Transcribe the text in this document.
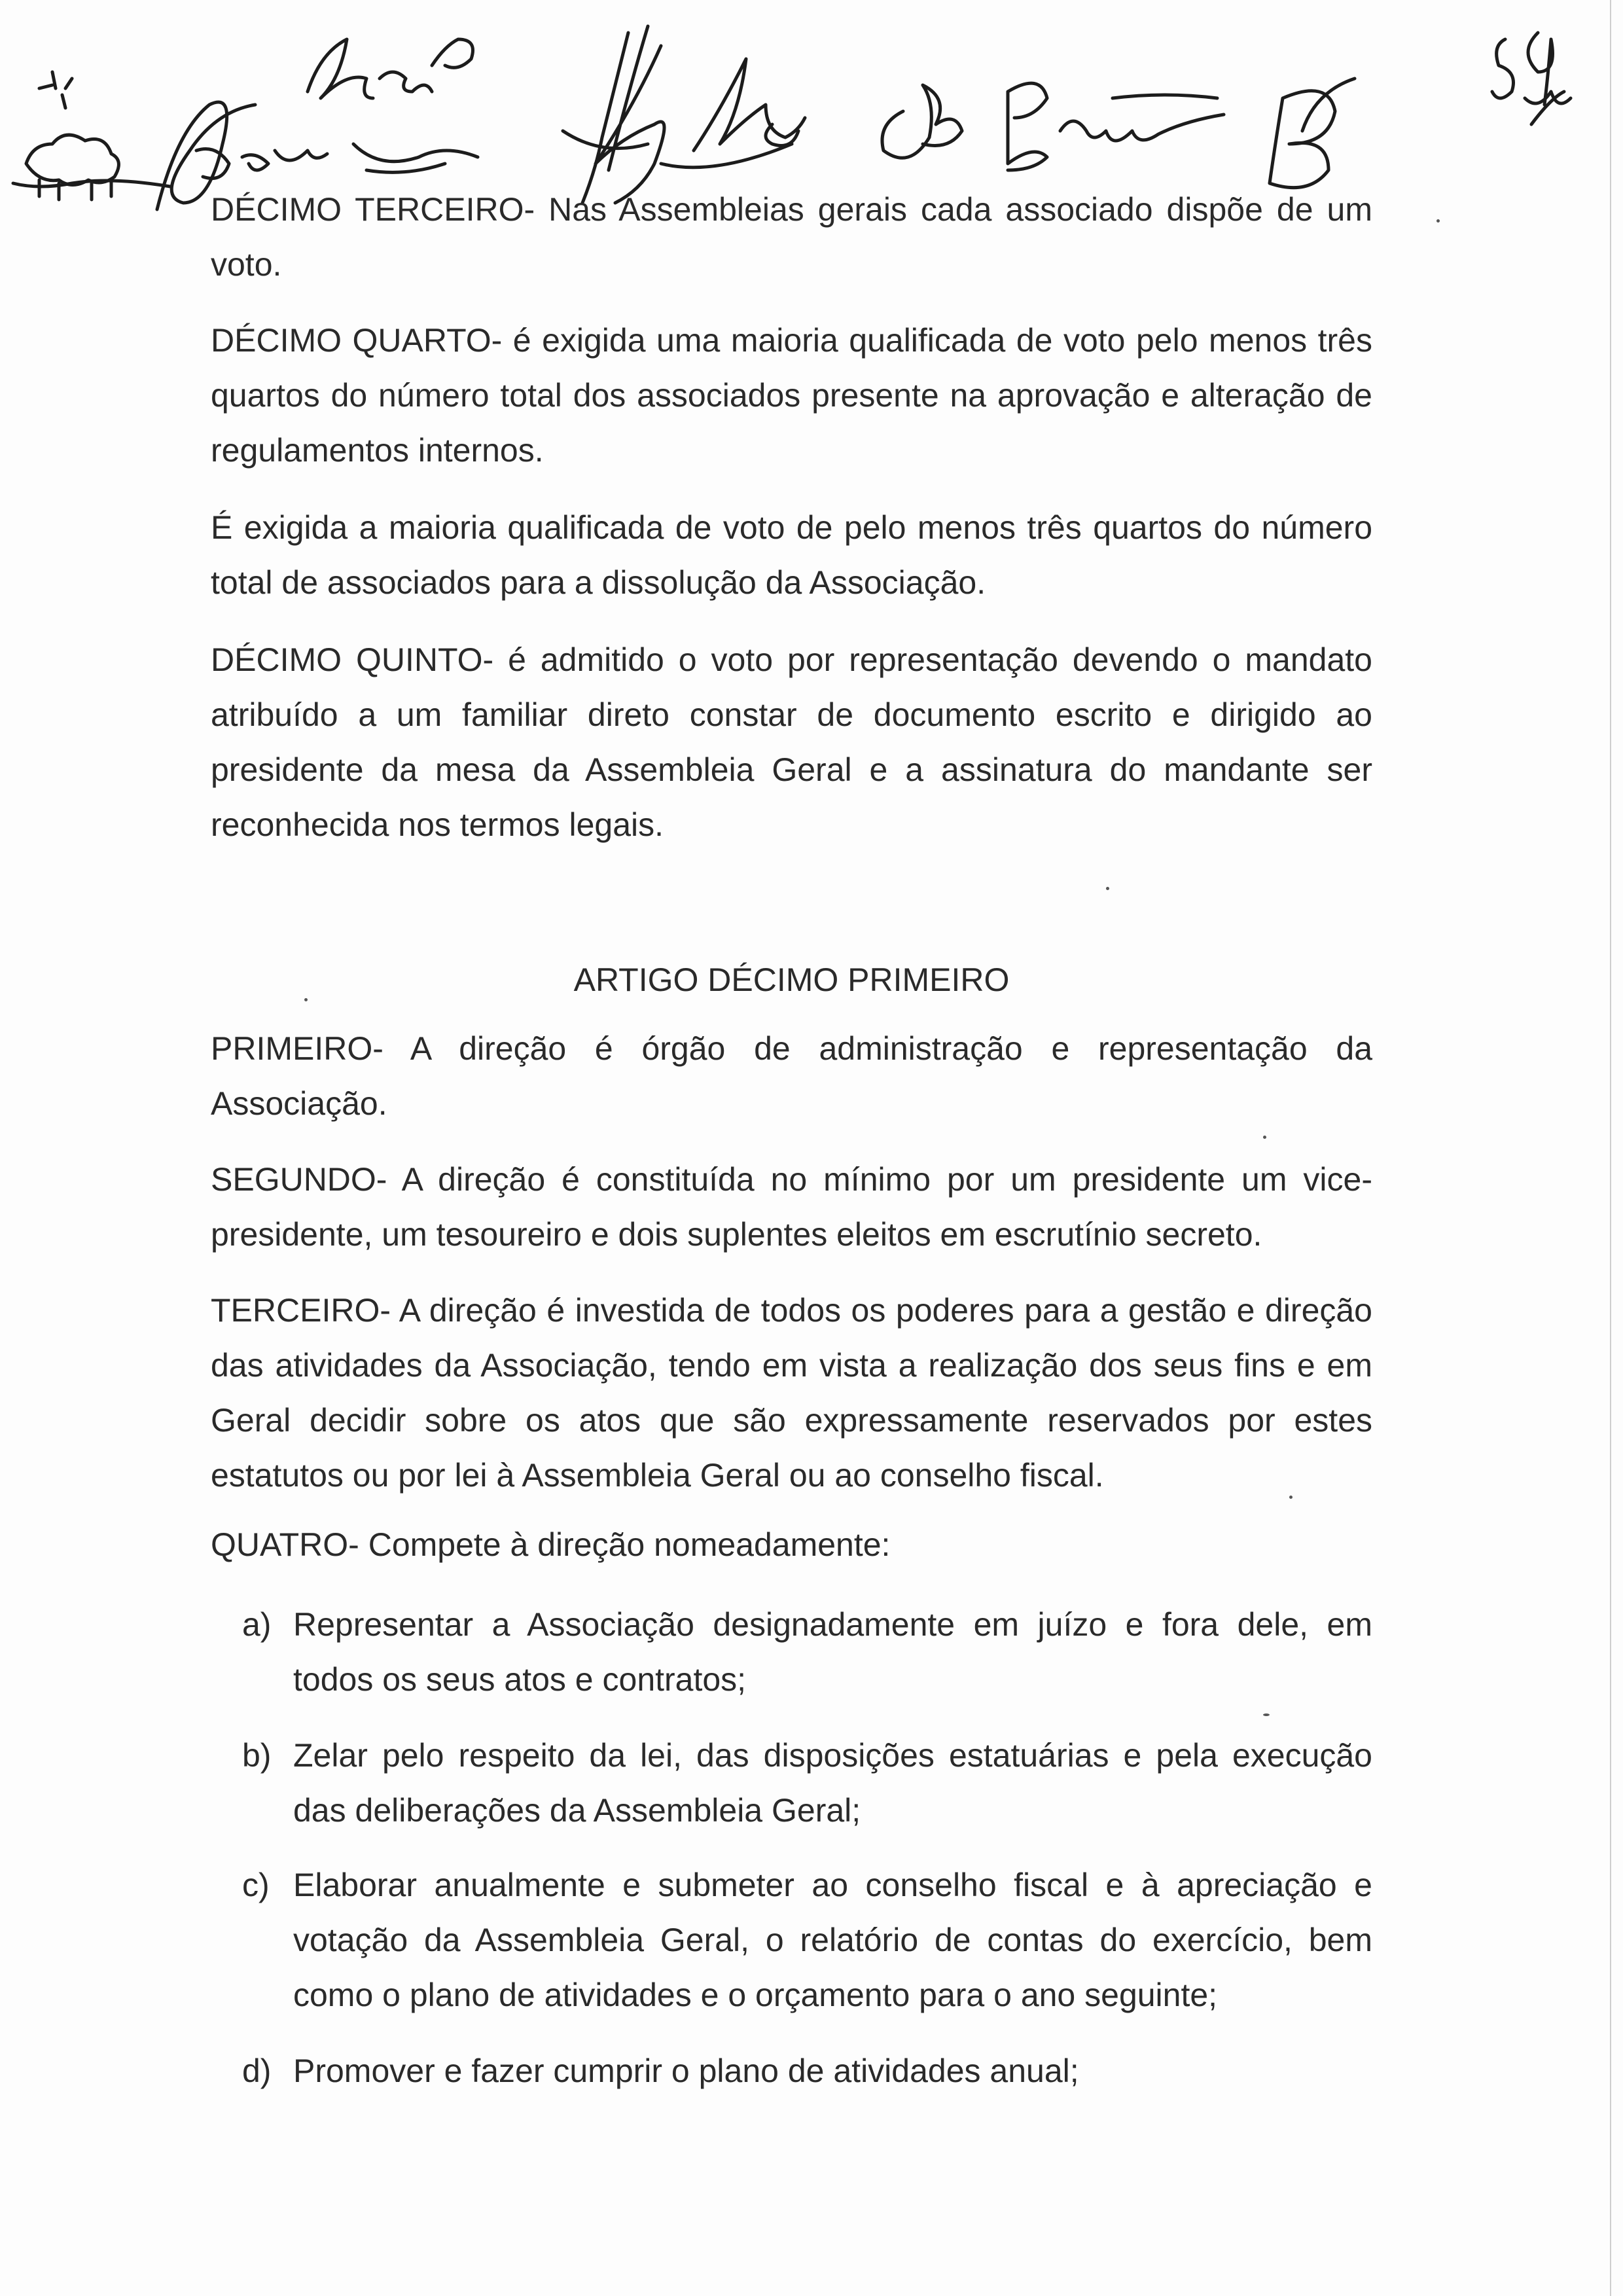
59

DÉCIMO TERCEIRO- Nas Assembleias gerais cada associado dispõe de um voto.

DÉCIMO QUARTO- é exigida uma maioria qualificada de voto pelo menos três quartos do número total dos associados presente na aprovação e alteração de regulamentos internos.

É exigida a maioria qualificada de voto de pelo menos três quartos do número total de associados para a dissolução da Associação.

DÉCIMO QUINTO- é admitido o voto por representação devendo o mandato atribuído a um familiar direto constar de documento escrito e dirigido ao presidente da mesa da Assembleia Geral e a assinatura do mandante ser reconhecida nos termos legais.

ARTIGO DÉCIMO PRIMEIRO

PRIMEIRO- A direção é órgão de administração e representação da Associação.

SEGUNDO- A direção é constituída no mínimo por um presidente um vice-presidente, um tesoureiro e dois suplentes eleitos em escrutínio secreto.

TERCEIRO- A direção é investida de todos os poderes para a gestão e direção das atividades da Associação, tendo em vista a realização dos seus fins e em Geral decidir sobre os atos que são expressamente reservados por estes estatutos ou por lei à Assembleia Geral ou ao conselho fiscal.

QUATRO- Compete à direção nomeadamente:

a) Representar a Associação designadamente em juízo e fora dele, em todos os seus atos e contratos;
b) Zelar pelo respeito da lei, das disposições estatuárias e pela execução das deliberações da Assembleia Geral;
c) Elaborar anualmente e submeter ao conselho fiscal e à apreciação e votação da Assembleia Geral, o relatório de contas do exercício, bem como o plano de atividades e o orçamento para o ano seguinte;
d) Promover e fazer cumprir o plano de atividades anual;
